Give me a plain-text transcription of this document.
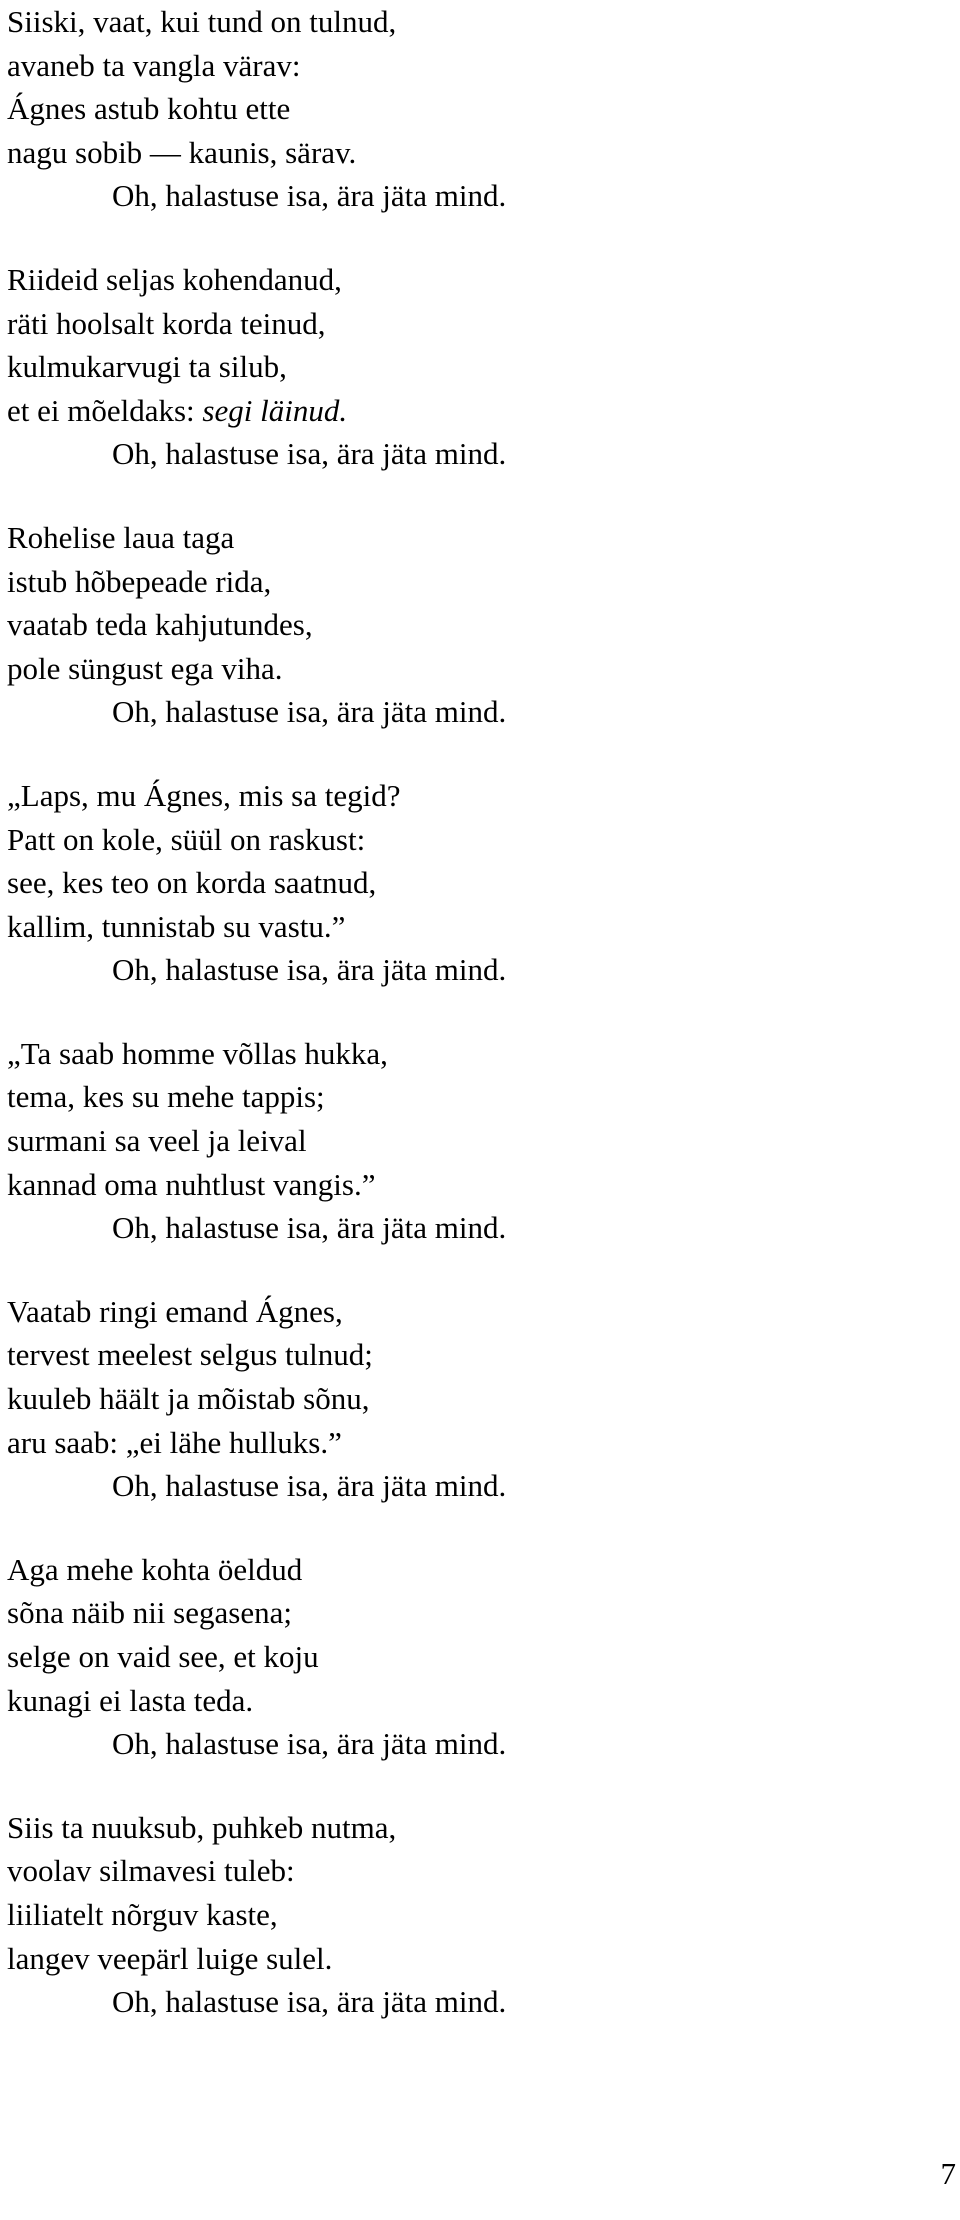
Siiski, vaat, kui tund on tulnud,

avaneb ta vangla värav:

Ágnes astub kohtu ette

nagu sobib — kaunis, särav.

Oh, halastuse isa, ära jäta mind.

Riideid seljas kohendanud,

räti hoolsalt korda teinud,

kulmukarvugi ta silub,

et ei mõeldaks: segi läinud.

Oh, halastuse isa, ära jäta mind.

Rohelise laua taga

istub hõbepeade rida,

vaatab teda kahjutundes,

pole süngust ega viha.

Oh, halastuse isa, ära jäta mind.

„Laps, mu Ágnes, mis sa tegid?

Patt on kole, süül on raskust:

see, kes teo on korda saatnud,

kallim, tunnistab su vastu.”

Oh, halastuse isa, ära jäta mind.

„Ta saab homme võllas hukka,

tema, kes su mehe tappis;

surmani sa veel ja leival

kannad oma nuhtlust vangis.”

Oh, halastuse isa, ära jäta mind.

Vaatab ringi emand Ágnes,

tervest meelest selgus tulnud;

kuuleb häält ja mõistab sõnu,

aru saab: „ei lähe hulluks.”

Oh, halastuse isa, ära jäta mind.

Aga mehe kohta öeldud

sõna näib nii segasena;

selge on vaid see, et koju

kunagi ei lasta teda.

Oh, halastuse isa, ära jäta mind.

Siis ta nuuksub, puhkeb nutma,

voolav silmavesi tuleb:

liiliatelt nõrguv kaste,

langev veepärl luige sulel.

Oh, halastuse isa, ära jäta mind.

7
